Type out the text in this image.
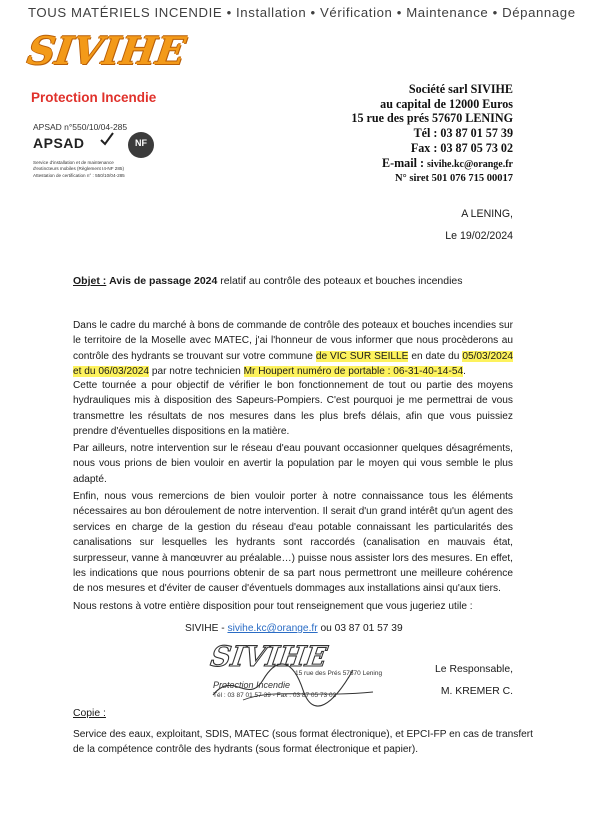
TOUS MATÉRIELS INCENDIE • Installation • Vérification • Maintenance • Dépannage
SIVIHE
Protection Incendie
APSAD n°550/10/04-285
APSAD	NF
Service d'installation et de maintenance
d'extincteurs mobiles (Règlement I4-NF 285)
Attestation de certification n° : 550/10/04-285
Société sarl SIVIHE
au capital de 12000 Euros
15 rue des prés 57670 LENING
Tél : 03 87 01 57 39
Fax : 03 87 05 73 02
E-mail : sivihe.kc@orange.fr
N° siret 501 076 715 00017
A LENING,
Le 19/02/2024
Objet : Avis de passage 2024 relatif au contrôle des poteaux et bouches incendies
Dans le cadre du marché à bons de commande de contrôle des poteaux et bouches incendies sur le territoire de la Moselle avec MATEC, j'ai l'honneur de vous informer que nous procèderons au contrôle des hydrants se trouvant sur votre commune de VIC SUR SEILLE en date du 05/03/2024 et du 06/03/2024 par notre technicien Mr Houpert numéro de portable : 06-31-40-14-54.
Cette tournée a pour objectif de vérifier le bon fonctionnement de tout ou partie des moyens hydrauliques mis à disposition des Sapeurs-Pompiers. C'est pourquoi je me permettrai de vous transmettre les résultats de nos mesures dans les plus brefs délais, afin que vous puissiez prendre d'éventuelles dispositions en la matière.
Par ailleurs, notre intervention sur le réseau d'eau pouvant occasionner quelques désagréments, nous vous prions de bien vouloir en avertir la population par le moyen qui vous semble le plus adapté.
Enfin, nous vous remercions de bien vouloir porter à notre connaissance tous les éléments nécessaires au bon déroulement de notre intervention. Il serait d'un grand intérêt qu'un agent des services en charge de la gestion du réseau d'eau potable connaissant les particularités des canalisations sur lesquelles les hydrants sont raccordés (canalisation en mauvais état, surpresseur, vanne à manœuvrer au préalable…) puisse nous assister lors des mesures. En effet, les indications que nous pourrions obtenir de sa part nous permettront une meilleure cohérence de nos mesures et d'éviter de causer d'éventuels dommages aux installations ainsi qu'aux tiers.
Nous restons à votre entière disposition pour tout renseignement que vous jugeriez utile :
SIVIHE - sivihe.kc@orange.fr ou 03 87 01 57 39
SIVIHE
15 rue des Prés 57670 Lening
Protection Incendie
Tél : 03 87 01 57 39 - Fax : 03 87 05 73 02
Le Responsable,
M. KREMER C.
Copie :
Service des eaux, exploitant, SDIS, MATEC (sous format électronique), et EPCI-FP en cas de transfert de la compétence contrôle des hydrants (sous format électronique et papier).
